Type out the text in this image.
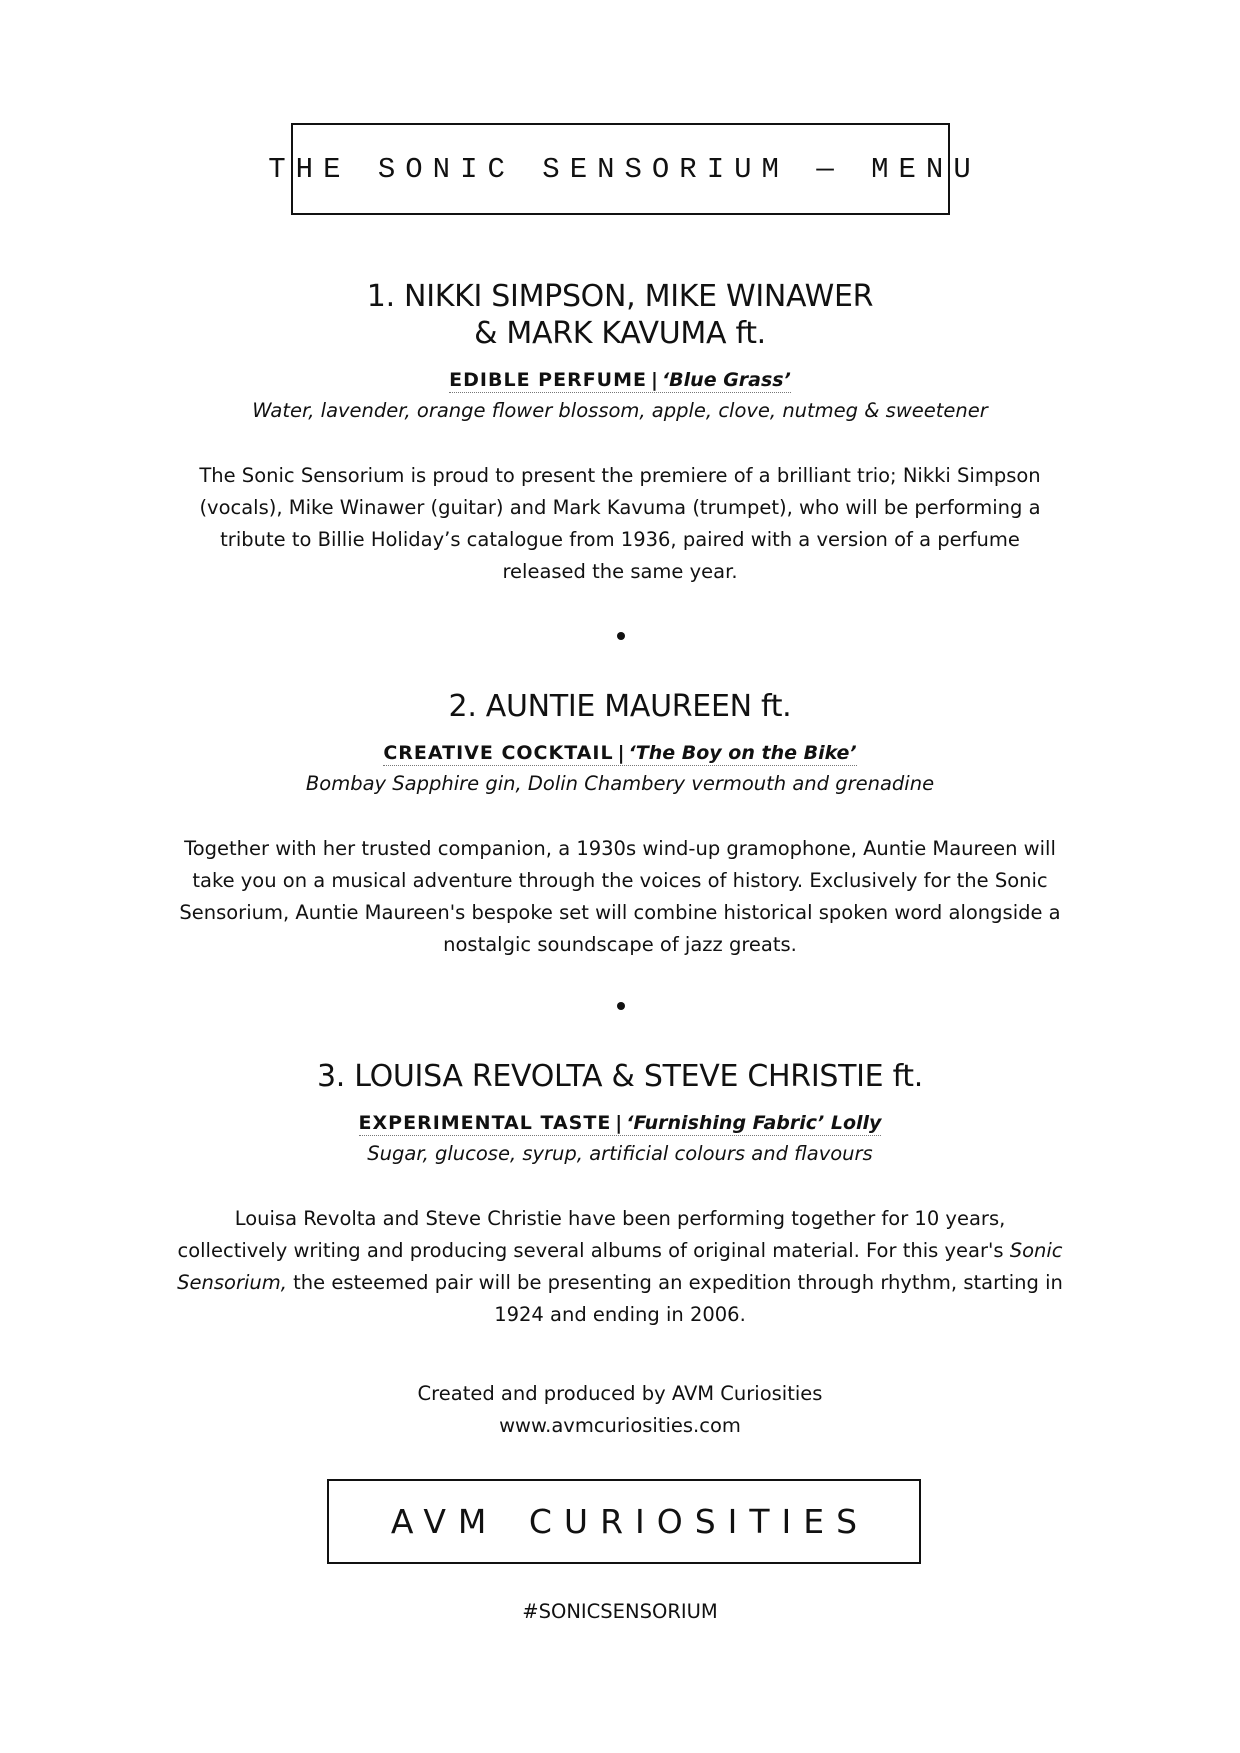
THE SONIC SENSORIUM — MENU
1. NIKKI SIMPSON, MIKE WINAWER
& MARK KAVUMA ft.
EDIBLE PERFUME | ‘Blue Grass’
Water, lavender, orange flower blossom, apple, clove, nutmeg & sweetener
The Sonic Sensorium is proud to present the premiere of a brilliant trio; Nikki Simpson
(vocals), Mike Winawer (guitar) and Mark Kavuma (trumpet), who will be performing a
tribute to Billie Holiday’s catalogue from 1936, paired with a version of a perfume
released the same year.
2. AUNTIE MAUREEN ft.
CREATIVE COCKTAIL | ‘The Boy on the Bike’
Bombay Sapphire gin, Dolin Chambery vermouth and grenadine
Together with her trusted companion, a 1930s wind-up gramophone, Auntie Maureen will
take you on a musical adventure through the voices of history. Exclusively for the Sonic
Sensorium, Auntie Maureen's bespoke set will combine historical spoken word alongside a
nostalgic soundscape of jazz greats.
3. LOUISA REVOLTA & STEVE CHRISTIE ft.
EXPERIMENTAL TASTE | ‘Furnishing Fabric’ Lolly
Sugar, glucose, syrup, artificial colours and flavours
Louisa Revolta and Steve Christie have been performing together for 10 years,
collectively writing and producing several albums of original material. For this year's Sonic
Sensorium, the esteemed pair will be presenting an expedition through rhythm, starting in
1924 and ending in 2006.
Created and produced by AVM Curiosities
www.avmcuriosities.com
AVM CURIOSITIES
#SONICSENSORIUM
